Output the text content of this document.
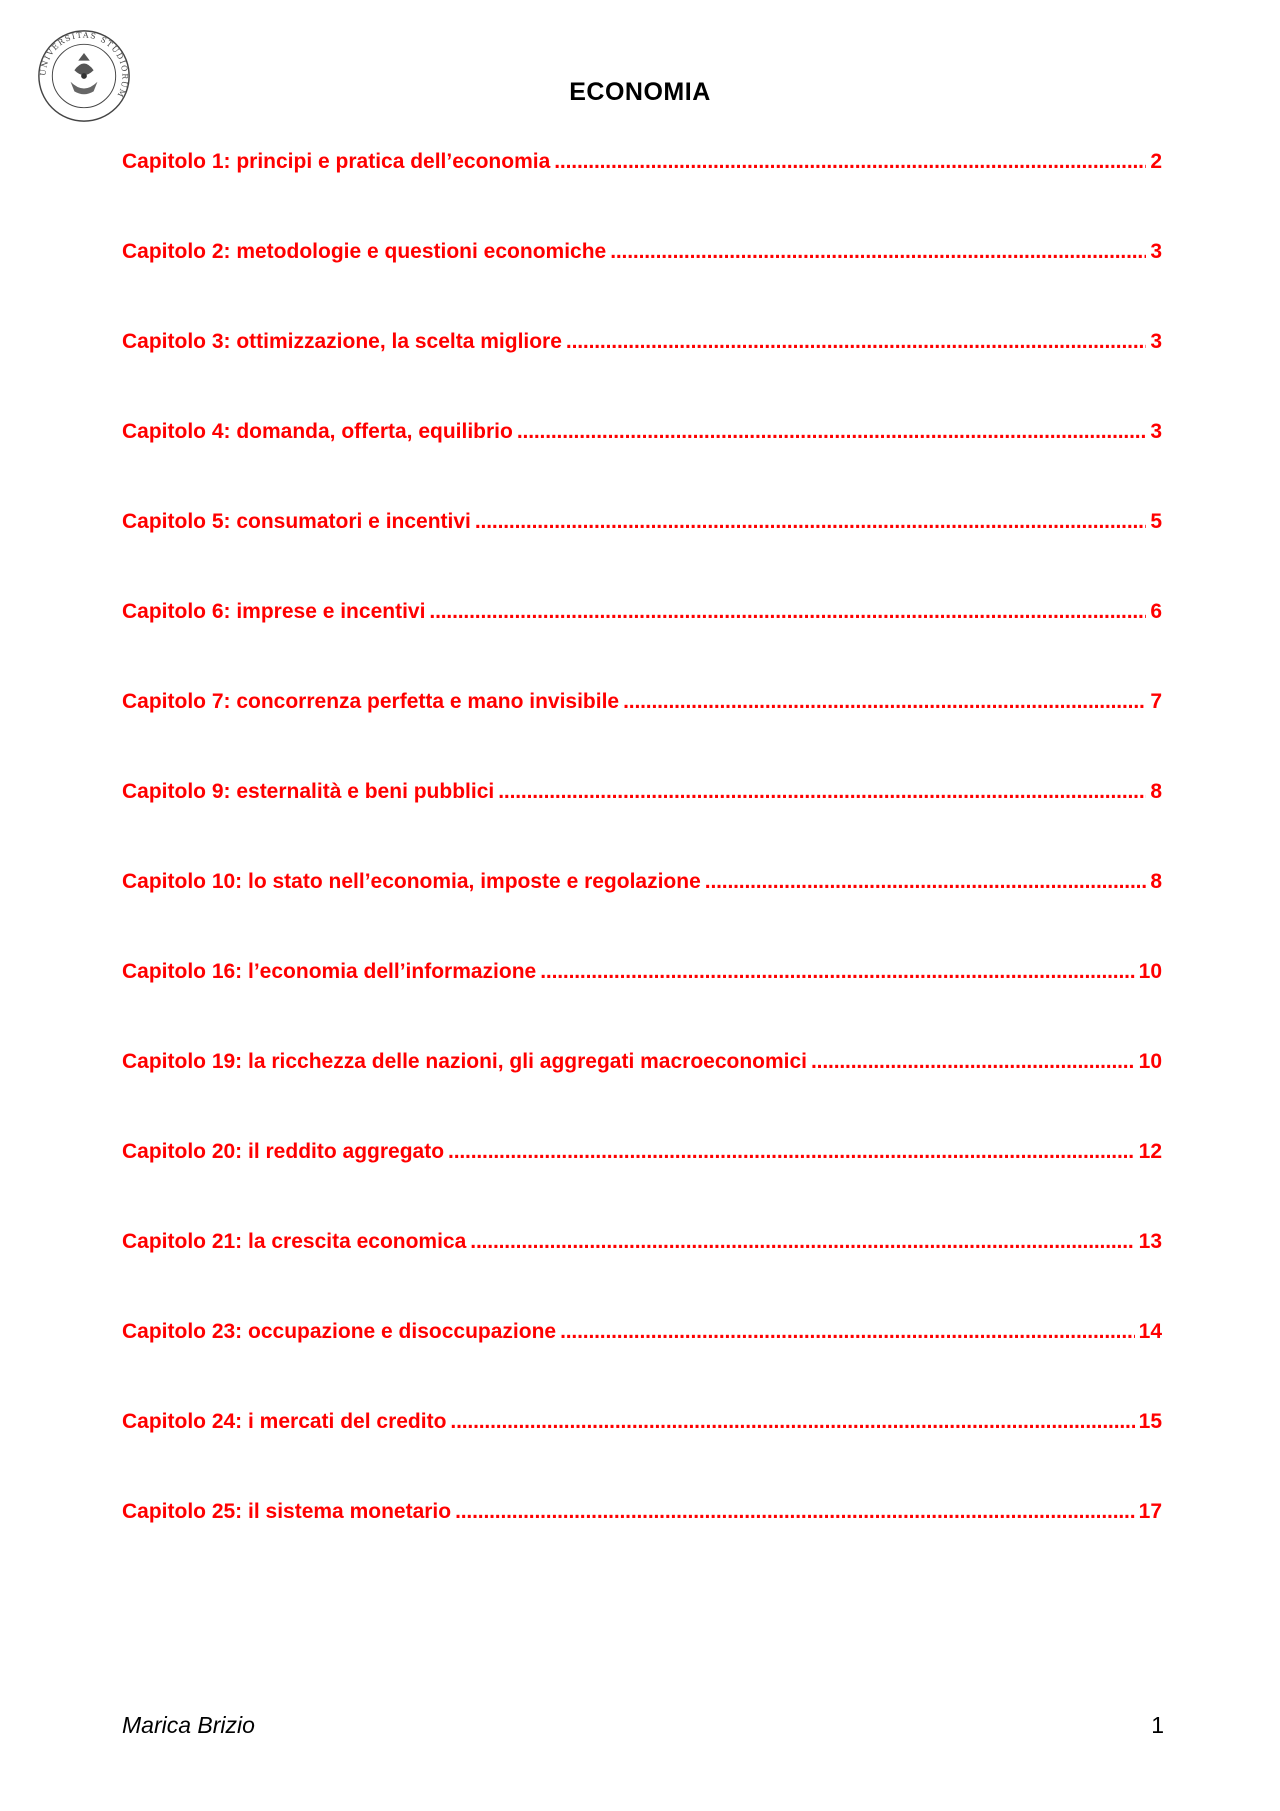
UNIVERSITAS STUDIORUM	ECONOMIA
Capitolo 1: principi e pratica dell’economia . . .	2
Capitolo 2: metodologie e questioni economiche . . .	3
Capitolo 3: ottimizzazione, la scelta migliore . . .	3
Capitolo 4: domanda, offerta, equilibrio . . .	3
Capitolo 5: consumatori e incentivi . . .	5
Capitolo 6: imprese e incentivi . . .	6
Capitolo 7: concorrenza perfetta e mano invisibile . . .	7
Capitolo 9: esternalità e beni pubblici . . .	8
Capitolo 10: lo stato nell’economia, imposte e regolazione . . .	8
Capitolo 16: l’economia dell’informazione . . .	10
Capitolo 19: la ricchezza delle nazioni, gli aggregati macroeconomici . . .	10
Capitolo 20: il reddito aggregato . . .	12
Capitolo 21: la crescita economica . . .	13
Capitolo 23: occupazione e disoccupazione . . .	14
Capitolo 24: i mercati del credito . . .	15
Capitolo 25: il sistema monetario . . .	17
Marica Brizio	1
